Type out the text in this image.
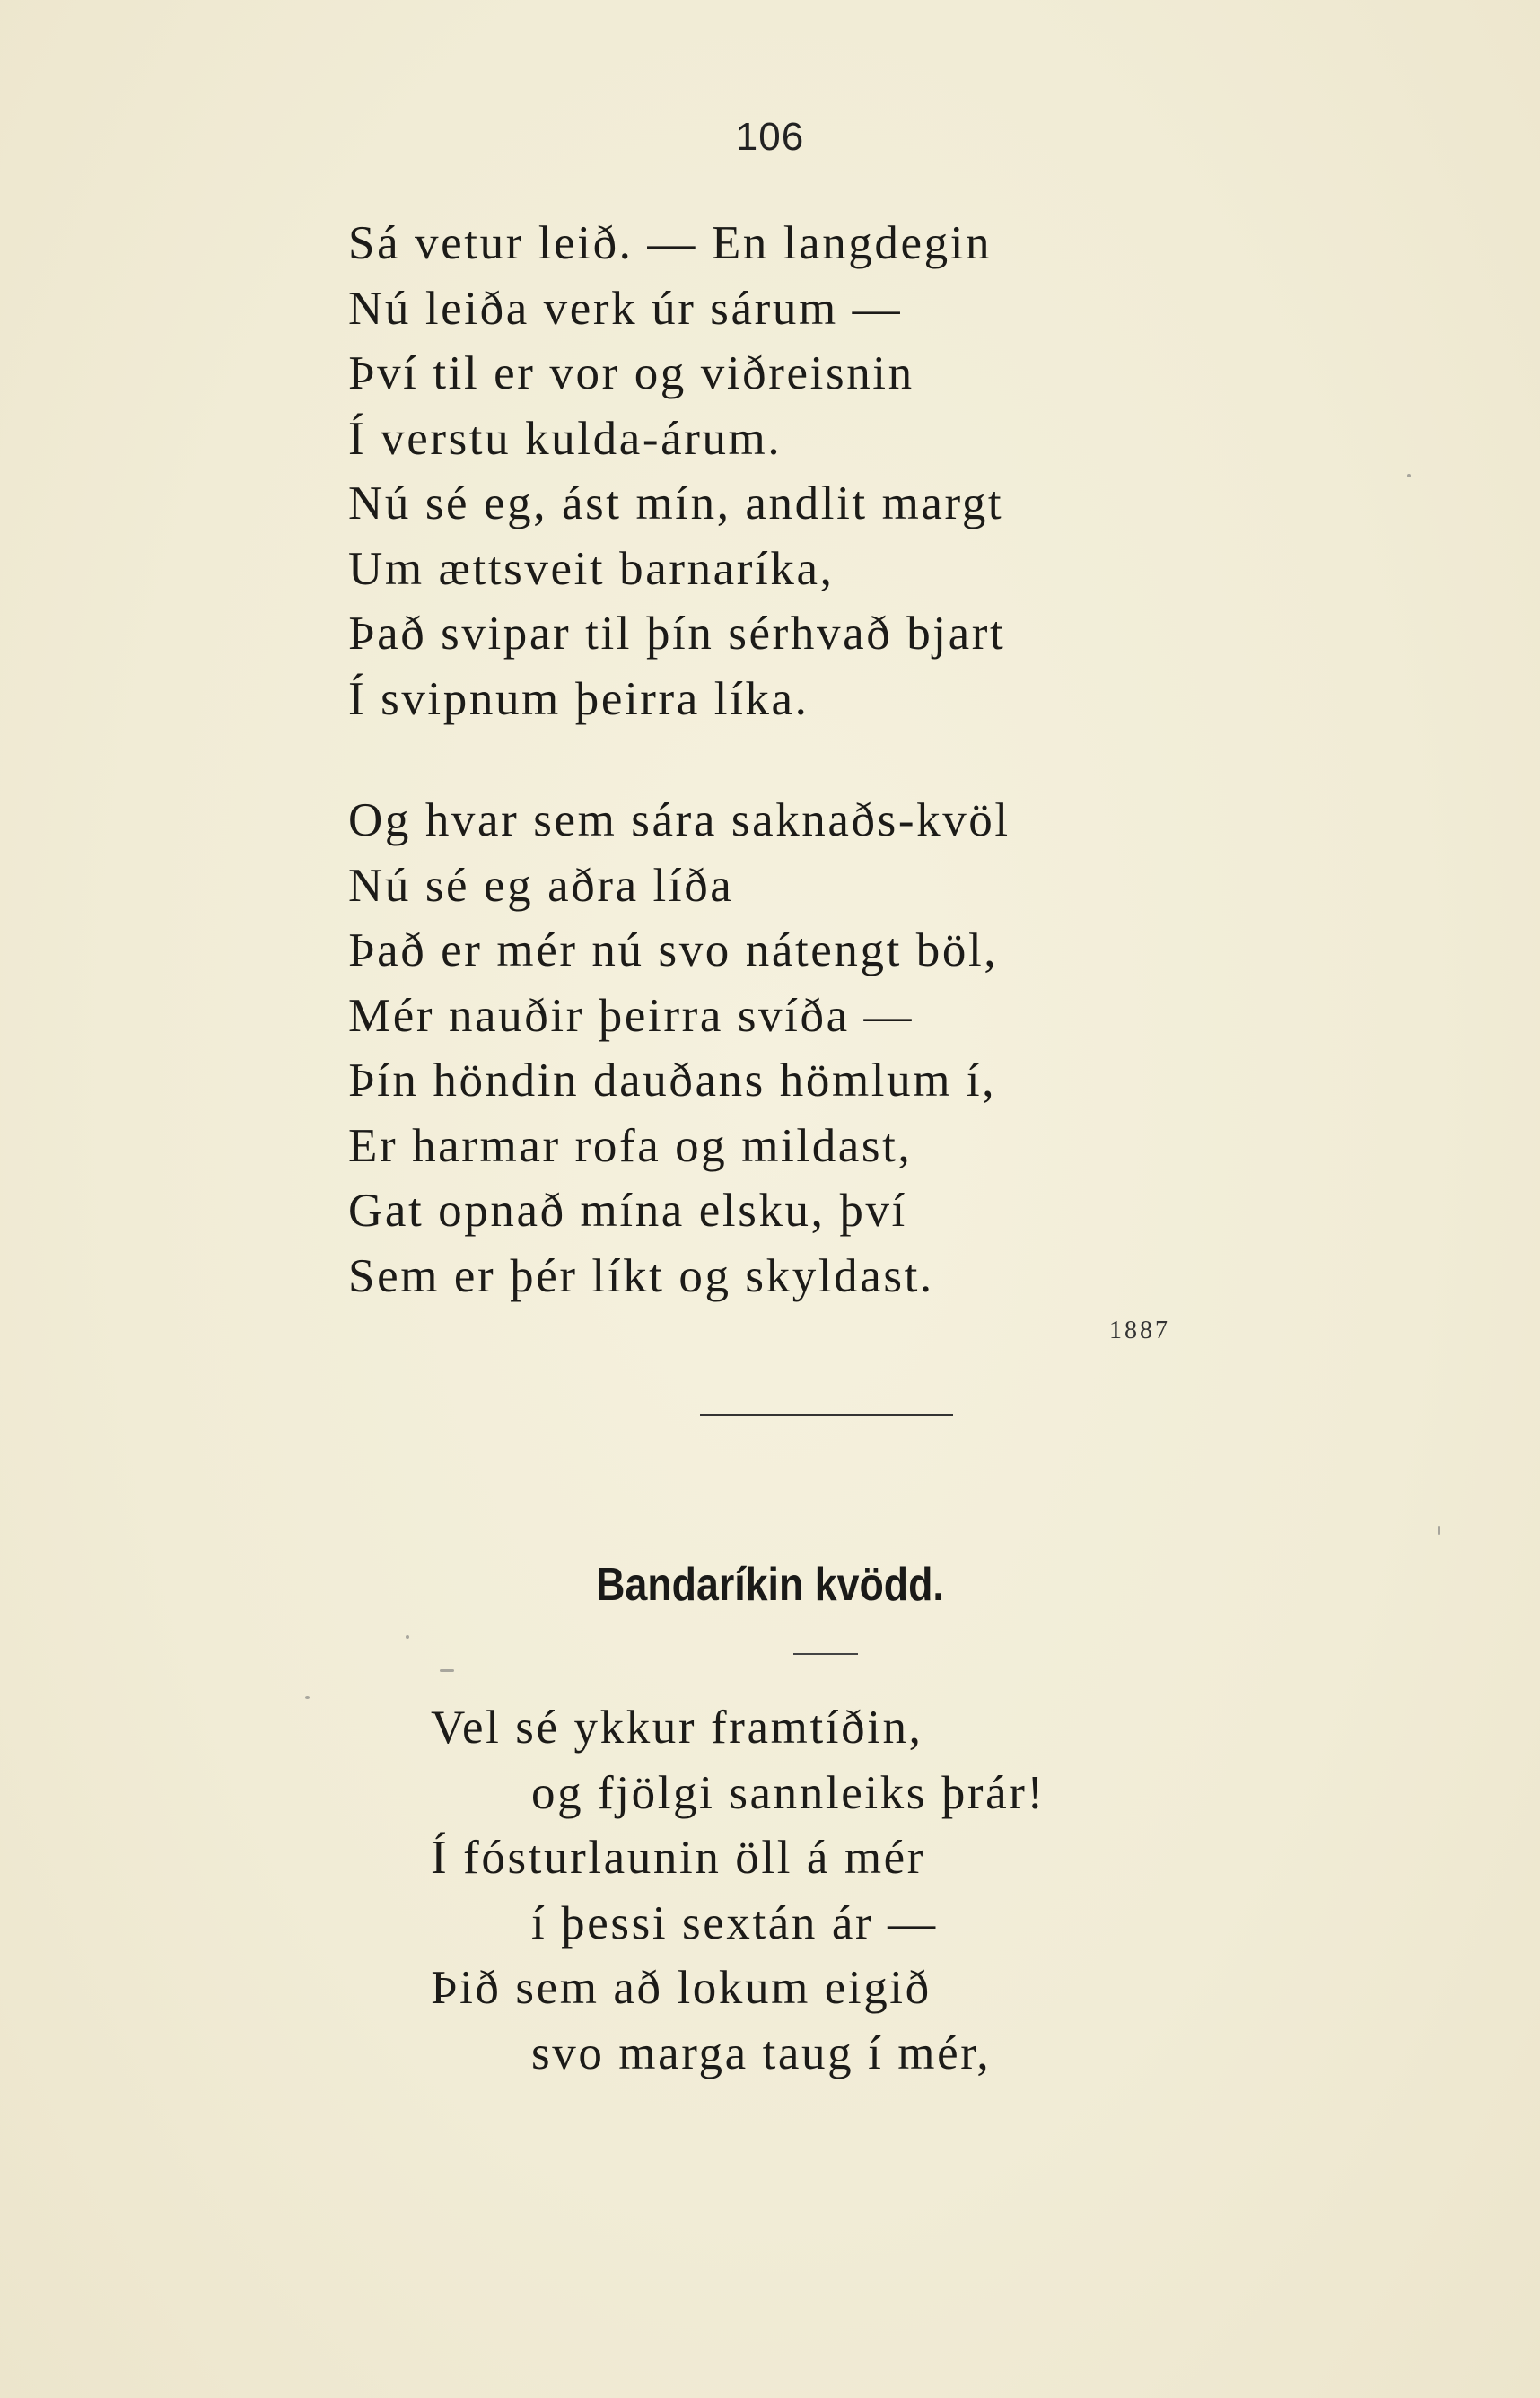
106
Sá vetur leið. — En langdegin
Nú leiða verk úr sárum —
Því til er vor og viðreisnin
Í verstu kulda-árum.
Nú sé eg, ást mín, andlit margt
Um ættsveit barnaríka,
Það svipar til þín sérhvað bjart
Í svipnum þeirra líka.
Og hvar sem sára saknaðs-kvöl
Nú sé eg aðra líða
Það er mér nú svo nátengt böl,
Mér nauðir þeirra svíða —
Þín höndin dauðans hömlum í,
Er harmar rofa og mildast,
Gat opnað mína elsku, því
Sem er þér líkt og skyldast.
1887
Bandaríkin kvödd.
Vel sé ykkur framtíðin,
og fjölgi sannleiks þrár!
Í fósturlaunin öll á mér
í þessi sextán ár —
Þið sem að lokum eigið
svo marga taug í mér,
